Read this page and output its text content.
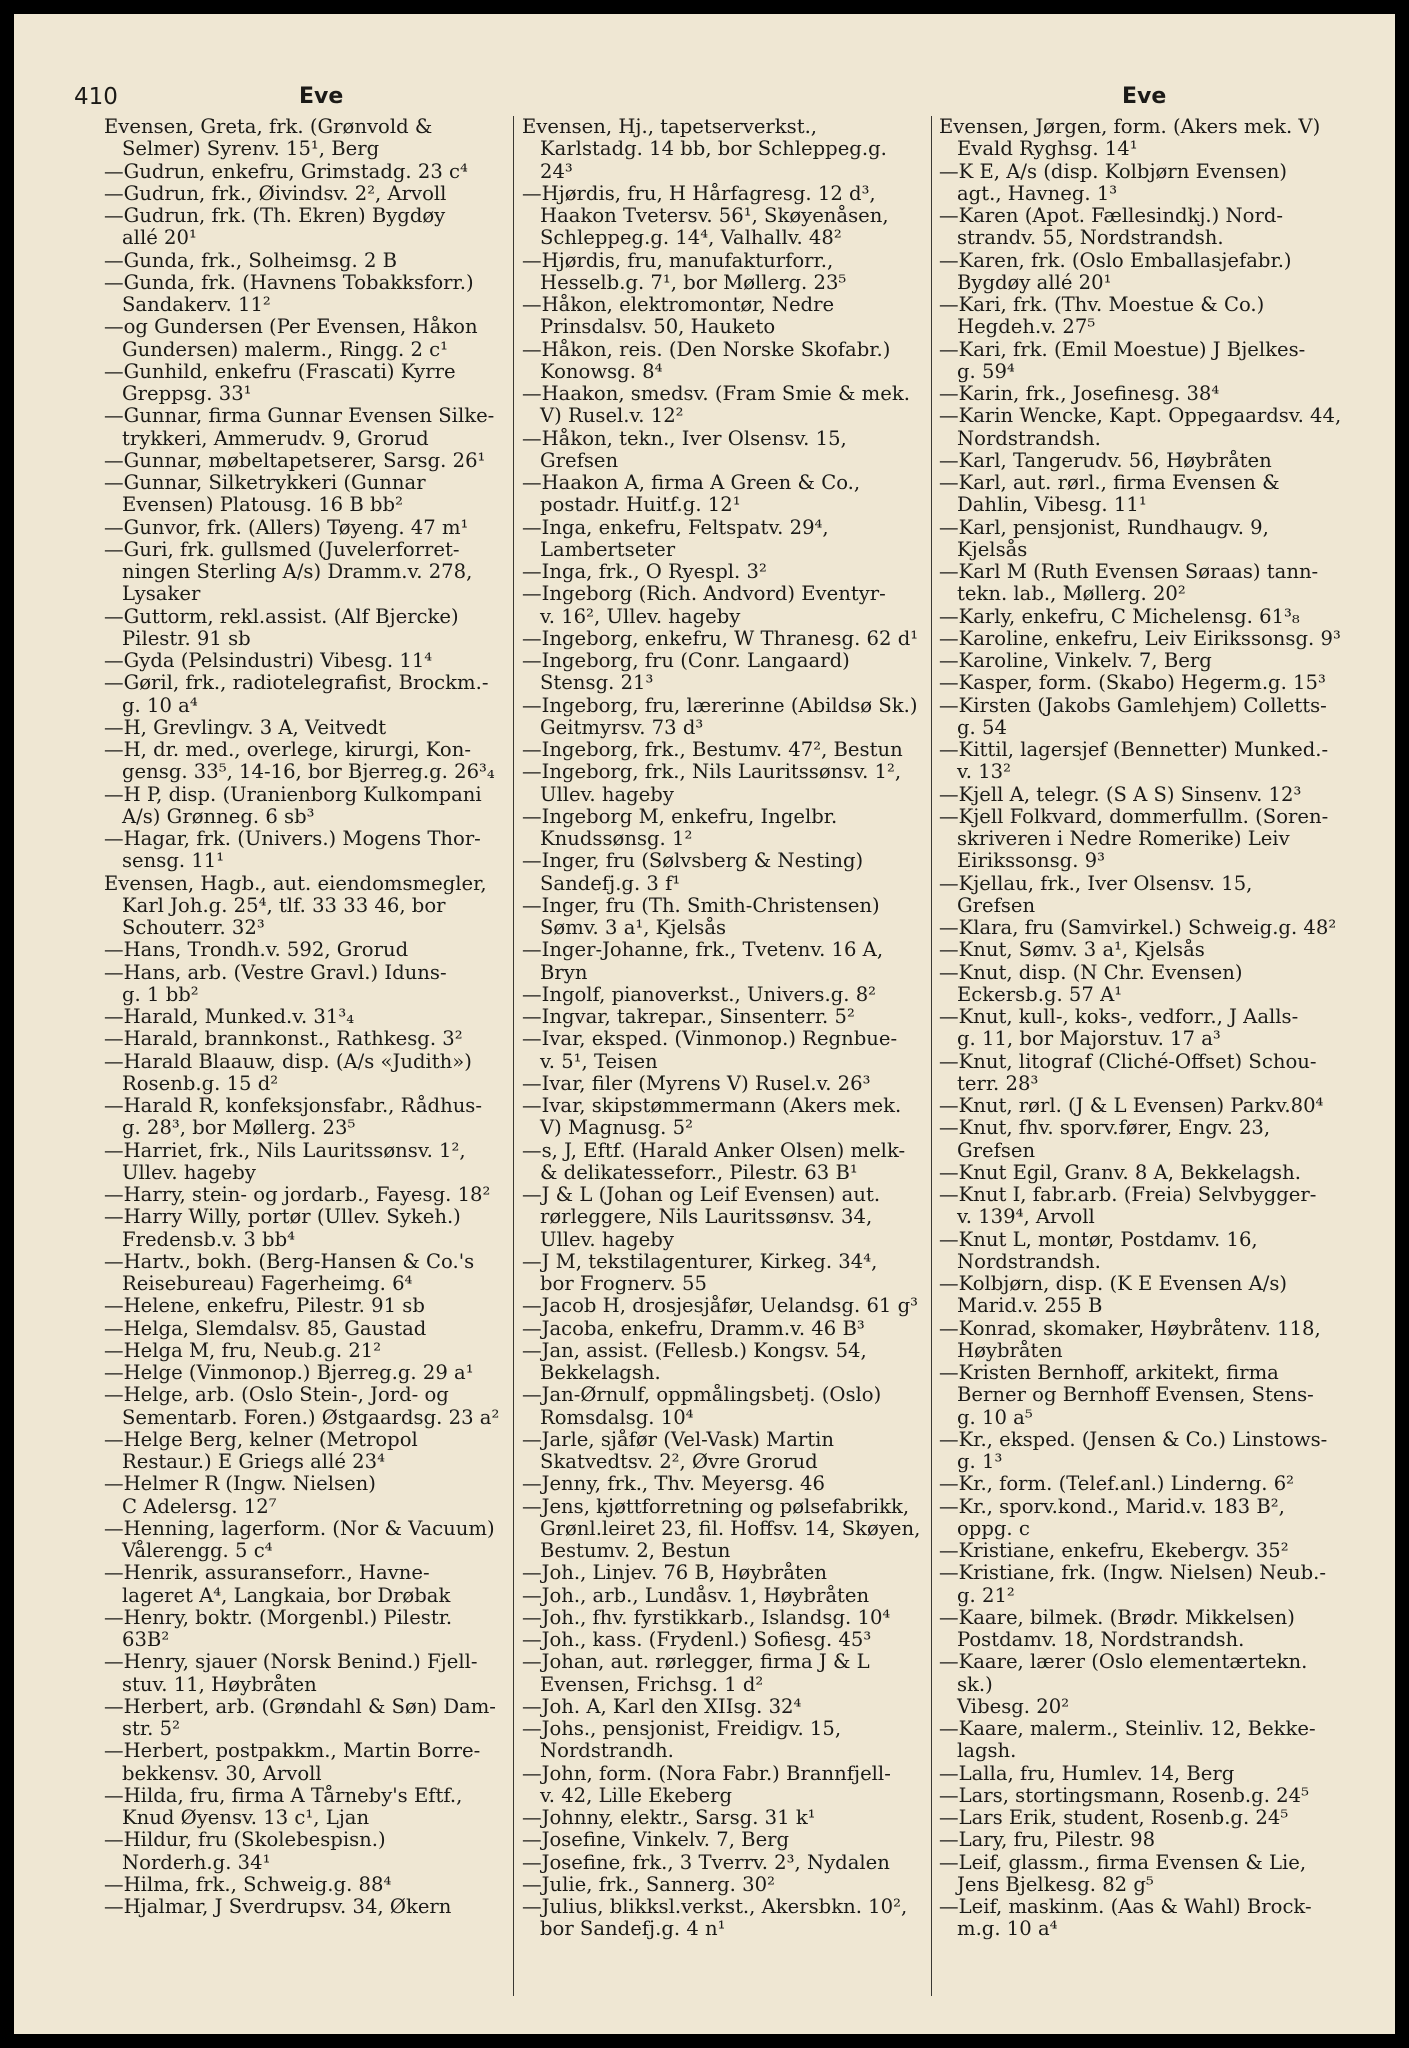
410	Eve	Eve

Evensen, Greta, frk. (Grønvold &
Selmer) Syrenv. 15¹, Berg

—Gudrun, enkefru, Grimstadg. 23 c⁴

—Gudrun, frk., Øivindsv. 2², Arvoll

—Gudrun, frk. (Th. Ekren) Bygdøy
allé 20¹

—Gunda, frk., Solheimsg. 2 B

—Gunda, frk. (Havnens Tobakksforr.)
Sandakerv. 11²

—og Gundersen (Per Evensen, Håkon
Gundersen) malerm., Ringg. 2 c¹

—Gunhild, enkefru (Frascati) Kyrre
Greppsg. 33¹

—Gunnar, firma Gunnar Evensen Silke-
trykkeri, Ammerudv. 9, Grorud

—Gunnar, møbeltapetserer, Sarsg. 26¹

—Gunnar, Silketrykkeri (Gunnar
Evensen) Platousg. 16 B bb²

—Gunvor, frk. (Allers) Tøyeng. 47 m¹

—Guri, frk. gullsmed (Juvelerforret-
ningen Sterling A/s) Dramm.v. 278,
Lysaker

—Guttorm, rekl.assist. (Alf Bjercke)
Pilestr. 91 sb

—Gyda (Pelsindustri) Vibesg. 11⁴

—Gøril, frk., radiotelegrafist, Brockm.-
g. 10 a⁴

—H, Grevlingv. 3 A, Veitvedt

—H, dr. med., overlege, kirurgi, Kon-
gensg. 33⁵, 14-16, bor Bjerreg.g. 26³₄

—H P, disp. (Uranienborg Kulkompani
A/s) Grønneg. 6 sb³

—Hagar, frk. (Univers.) Mogens Thor-
sensg. 11¹

Evensen, Hagb., aut. eiendomsmegler,
Karl Joh.g. 25⁴, tlf. 33 33 46, bor
Schouterr. 32³

—Hans, Trondh.v. 592, Grorud

—Hans, arb. (Vestre Gravl.) Iduns-
g. 1 bb²

—Harald, Munked.v. 31³₄

—Harald, brannkonst., Rathkesg. 3²

—Harald Blaauw, disp. (A/s «Judith»)
Rosenb.g. 15 d²

—Harald R, konfeksjonsfabr., Rådhus-
g. 28³, bor Møllerg. 23⁵

—Harriet, frk., Nils Lauritssønsv. 1²,
Ullev. hageby

—Harry, stein- og jordarb., Fayesg. 18²

—Harry Willy, portør (Ullev. Sykeh.)
Fredensb.v. 3 bb⁴

—Hartv., bokh. (Berg-Hansen & Co.'s
Reisebureau) Fagerheimg. 6⁴

—Helene, enkefru, Pilestr. 91 sb

—Helga, Slemdalsv. 85, Gaustad

—Helga M, fru, Neub.g. 21²

—Helge (Vinmonop.) Bjerreg.g. 29 a¹

—Helge, arb. (Oslo Stein-, Jord- og
Sementarb. Foren.) Østgaardsg. 23 a²

—Helge Berg, kelner (Metropol
Restaur.) E Griegs allé 23⁴

—Helmer R (Ingw. Nielsen)
C Adelersg. 12⁷

—Henning, lagerform. (Nor & Vacuum)
Vålerengg. 5 c⁴

—Henrik, assuranseforr., Havne-
lageret A⁴, Langkaia, bor Drøbak

—Henry, boktr. (Morgenbl.) Pilestr. 63B²

—Henry, sjauer (Norsk Benind.) Fjell-
stuv. 11, Høybråten

—Herbert, arb. (Grøndahl & Søn) Dam-
str. 5²

—Herbert, postpakkm., Martin Borre-
bekkensv. 30, Arvoll

—Hilda, fru, firma A Tårneby's Eftf.,
Knud Øyensv. 13 c¹, Ljan

—Hildur, fru (Skolebespisn.)
Norderh.g. 34¹

—Hilma, frk., Schweig.g. 88⁴

—Hjalmar, J Sverdrupsv. 34, Økern

Evensen, Hj., tapetserverkst.,
Karlstadg. 14 bb, bor Schleppeg.g. 24³

—Hjørdis, fru, H Hårfagresg. 12 d³,
Haakon Tvetersv. 56¹, Skøyenåsen,
Schleppeg.g. 14⁴, Valhallv. 48²

—Hjørdis, fru, manufakturforr.,
Hesselb.g. 7¹, bor Møllerg. 23⁵

—Håkon, elektromontør, Nedre
Prinsdalsv. 50, Hauketo

—Håkon, reis. (Den Norske Skofabr.)
Konowsg. 8⁴

—Haakon, smedsv. (Fram Smie & mek.
V) Rusel.v. 12²

—Håkon, tekn., Iver Olsensv. 15,
Grefsen

—Haakon A, firma A Green & Co.,
postadr. Huitf.g. 12¹

—Inga, enkefru, Feltspatv. 29⁴,
Lambertseter

—Inga, frk., O Ryespl. 3²

—Ingeborg (Rich. Andvord) Eventyr-
v. 16², Ullev. hageby

—Ingeborg, enkefru, W Thranesg. 62 d¹

—Ingeborg, fru (Conr. Langaard)
Stensg. 21³

—Ingeborg, fru, lærerinne (Abildsø Sk.)
Geitmyrsv. 73 d³

—Ingeborg, frk., Bestumv. 47², Bestun

—Ingeborg, frk., Nils Lauritssønsv. 1²,
Ullev. hageby

—Ingeborg M, enkefru, Ingelbr.
Knudssønsg. 1²

—Inger, fru (Sølvsberg & Nesting)
Sandefj.g. 3 f¹

—Inger, fru (Th. Smith-Christensen)
Sømv. 3 a¹, Kjelsås

—Inger-Johanne, frk., Tvetenv. 16 A,
Bryn

—Ingolf, pianoverkst., Univers.g. 8²

—Ingvar, takrepar., Sinsenterr. 5²

—Ivar, eksped. (Vinmonop.) Regnbue-
v. 5¹, Teisen

—Ivar, filer (Myrens V) Rusel.v. 26³

—Ivar, skipstømmermann (Akers mek.
V) Magnusg. 5²

—s, J, Eftf. (Harald Anker Olsen) melk-
& delikatesseforr., Pilestr. 63 B¹

—J & L (Johan og Leif Evensen) aut.
rørleggere, Nils Lauritssønsv. 34,
Ullev. hageby

—J M, tekstilagenturer, Kirkeg. 34⁴,
bor Frognerv. 55

—Jacob H, drosjesjåfør, Uelandsg. 61 g³

—Jacoba, enkefru, Dramm.v. 46 B³

—Jan, assist. (Fellesb.) Kongsv. 54,
Bekkelagsh.

—Jan-Ørnulf, oppmålingsbetj. (Oslo)
Romsdalsg. 10⁴

—Jarle, sjåfør (Vel-Vask) Martin
Skatvedtsv. 2², Øvre Grorud

—Jenny, frk., Thv. Meyersg. 46

—Jens, kjøttforretning og pølsefabrikk,
Grønl.leiret 23, fil. Hoffsv. 14, Skøyen,
Bestumv. 2, Bestun

—Joh., Linjev. 76 B, Høybråten

—Joh., arb., Lundåsv. 1, Høybråten

—Joh., fhv. fyrstikkarb., Islandsg. 10⁴

—Joh., kass. (Frydenl.) Sofiesg. 45³

—Johan, aut. rørlegger, firma J & L
Evensen, Frichsg. 1 d²

—Joh. A, Karl den XIIsg. 32⁴

—Johs., pensjonist, Freidigv. 15,
Nordstrandh.

—John, form. (Nora Fabr.) Brannfjell-
v. 42, Lille Ekeberg

—Johnny, elektr., Sarsg. 31 k¹

—Josefine, Vinkelv. 7, Berg

—Josefine, frk., 3 Tverrv. 2³, Nydalen

—Julie, frk., Sannerg. 30²

—Julius, blikksl.verkst., Akersbkn. 10²,
bor Sandefj.g. 4 n¹

Evensen, Jørgen, form. (Akers mek. V)
Evald Ryghsg. 14¹

—K E, A/s (disp. Kolbjørn Evensen)
agt., Havneg. 1³

—Karen (Apot. Fællesindkj.) Nord-
strandv. 55, Nordstrandsh.

—Karen, frk. (Oslo Emballasjefabr.)
Bygdøy allé 20¹

—Kari, frk. (Thv. Moestue & Co.)
Hegdeh.v. 27⁵

—Kari, frk. (Emil Moestue) J Bjelkes-
g. 59⁴

—Karin, frk., Josefinesg. 38⁴

—Karin Wencke, Kapt. Oppegaardsv. 44,
Nordstrandsh.

—Karl, Tangerudv. 56, Høybråten

—Karl, aut. rørl., firma Evensen &
Dahlin, Vibesg. 11¹

—Karl, pensjonist, Rundhaugv. 9,
Kjelsås

—Karl M (Ruth Evensen Søraas) tann-
tekn. lab., Møllerg. 20²

—Karly, enkefru, C Michelensg. 61³₈

—Karoline, enkefru, Leiv Eirikssonsg. 9³

—Karoline, Vinkelv. 7, Berg

—Kasper, form. (Skabo) Hegerm.g. 15³

—Kirsten (Jakobs Gamlehjem) Colletts-
g. 54

—Kittil, lagersjef (Bennetter) Munked.-
v. 13²

—Kjell A, telegr. (S A S) Sinsenv. 12³

—Kjell Folkvard, dommerfullm. (Soren-
skriveren i Nedre Romerike) Leiv
Eirikssonsg. 9³

—Kjellau, frk., Iver Olsensv. 15,
Grefsen

—Klara, fru (Samvirkel.) Schweig.g. 48²

—Knut, Sømv. 3 a¹, Kjelsås

—Knut, disp. (N Chr. Evensen)
Eckersb.g. 57 A¹

—Knut, kull-, koks-, vedforr., J Aalls-
g. 11, bor Majorstuv. 17 a³

—Knut, litograf (Cliché-Offset) Schou-
terr. 28³

—Knut, rørl. (J & L Evensen) Parkv.80⁴

—Knut, fhv. sporv.fører, Engv. 23,
Grefsen

—Knut Egil, Granv. 8 A, Bekkelagsh.

—Knut I, fabr.arb. (Freia) Selvbygger-
v. 139⁴, Arvoll

—Knut L, montør, Postdamv. 16,
Nordstrandsh.

—Kolbjørn, disp. (K E Evensen A/s)
Marid.v. 255 B

—Konrad, skomaker, Høybråtenv. 118,
Høybråten

—Kristen Bernhoff, arkitekt, firma
Berner og Bernhoff Evensen, Stens-
g. 10 a⁵

—Kr., eksped. (Jensen & Co.) Linstows-
g. 1³

—Kr., form. (Telef.anl.) Linderng. 6²

—Kr., sporv.kond., Marid.v. 183 B²,
oppg. c

—Kristiane, enkefru, Ekebergv. 35²

—Kristiane, frk. (Ingw. Nielsen) Neub.-
g. 21²

—Kaare, bilmek. (Brødr. Mikkelsen)
Postdamv. 18, Nordstrandsh.

—Kaare, lærer (Oslo elementærtekn. sk.)
Vibesg. 20²

—Kaare, malerm., Steinliv. 12, Bekke-
lagsh.

—Lalla, fru, Humlev. 14, Berg

—Lars, stortingsmann, Rosenb.g. 24⁵

—Lars Erik, student, Rosenb.g. 24⁵

—Lary, fru, Pilestr. 98

—Leif, glassm., firma Evensen & Lie,
Jens Bjelkesg. 82 g⁵

—Leif, maskinm. (Aas & Wahl) Brock-
m.g. 10 a⁴
